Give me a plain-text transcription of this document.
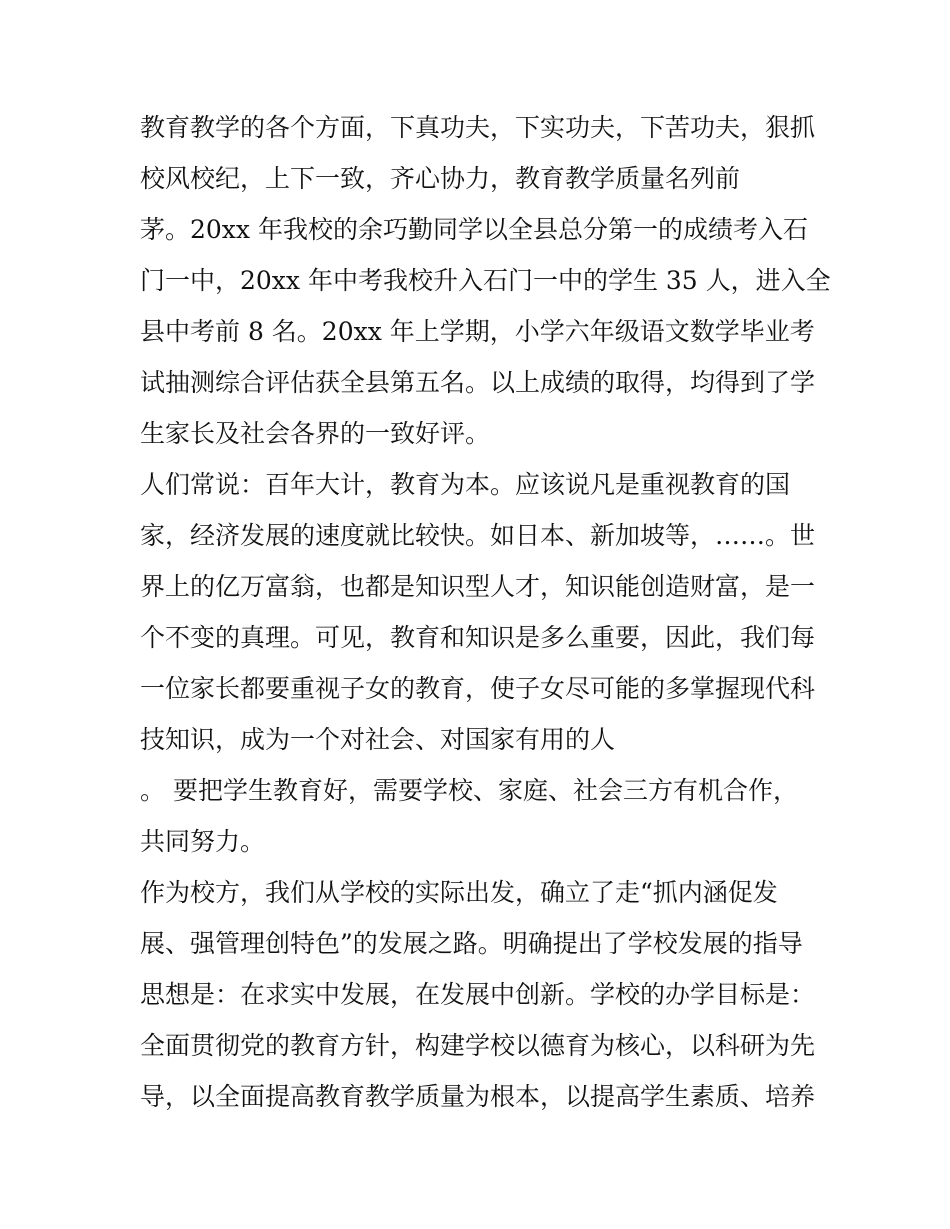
教育教学的各个方面，下真功夫，下实功夫，下苦功夫，狠抓

校风校纪，上下一致，齐心协力，教育教学质量名列前

茅。20xx 年我校的余巧勤同学以全县总分第一的成绩考入石

门一中，20xx 年中考我校升入石门一中的学生 35 人，进入全

县中考前 8 名。20xx 年上学期，小学六年级语文数学毕业考

试抽测综合评估获全县第五名。以上成绩的取得，均得到了学

生家长及社会各界的一致好评。

人们常说：百年大计，教育为本。应该说凡是重视教育的国

家，经济发展的速度就比较快。如日本、新加坡等，……。世

界上的亿万富翁，也都是知识型人才，知识能创造财富，是一

个不变的真理。可见，教育和知识是多么重要，因此，我们每

一位家长都要重视子女的教育，使子女尽可能的多掌握现代科

技知识，成为一个对社会、对国家有用的人

。 要把学生教育好，需要学校、家庭、社会三方有机合作，

共同努力。

作为校方，我们从学校的实际出发，确立了走“抓内涵促发

展、强管理创特色”的发展之路。明确提出了学校发展的指导

思想是：在求实中发展，在发展中创新。学校的办学目标是：

全面贯彻党的教育方针，构建学校以德育为核心，以科研为先

导，以全面提高教育教学质量为根本，以提高学生素质、培养
